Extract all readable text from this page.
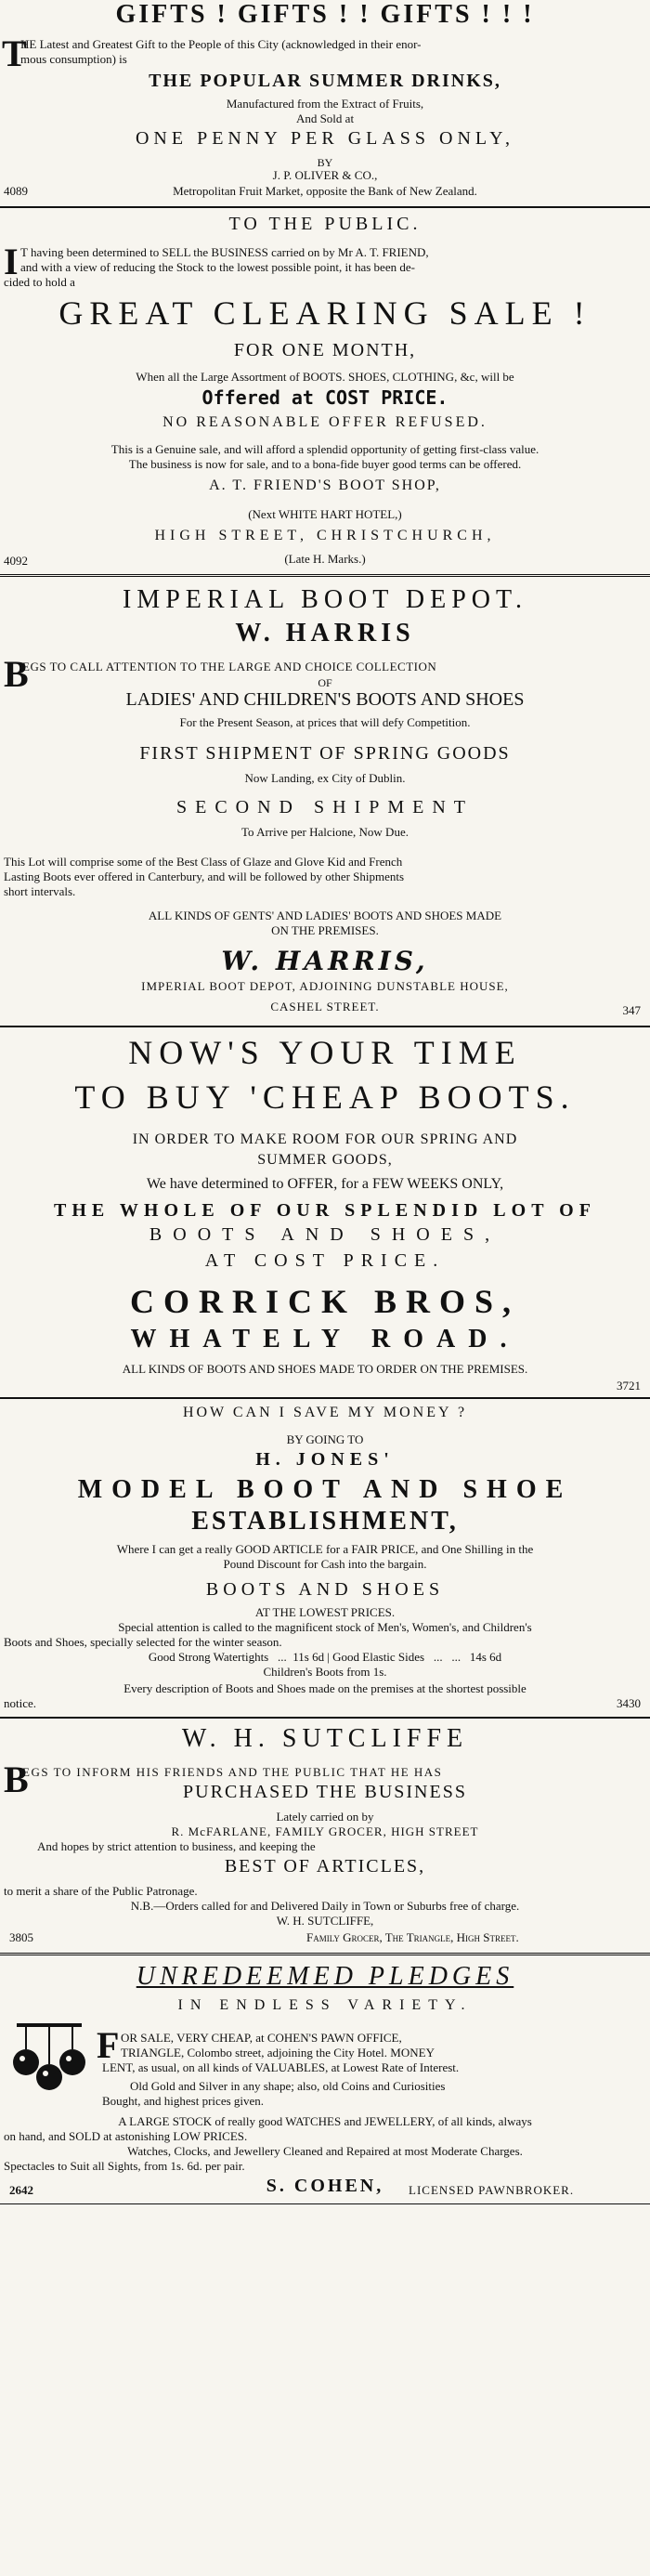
GIFTS ! GIFTS ! ! GIFTS ! ! !
T
HE Latest and Greatest Gift to the People of this City (acknowledged in their enor-
mous consumption) is
THE POPULAR SUMMER DRINKS,
Manufactured from the Extract of Fruits,
And Sold at
ONE PENNY PER GLASS ONLY,
BY
J. P. OLIVER & CO.,
4089	Metropolitan Fruit Market, opposite the Bank of New Zealand.
TO THE PUBLIC.
I T having been determined to SELL the BUSINESS carried on by Mr A. T. FRIEND,
and with a view of reducing the Stock to the lowest possible point, it has been de-
cided to hold a
GREAT CLEARING SALE !
FOR ONE MONTH,
When all the Large Assortment of BOOTS. SHOES, CLOTHING, &c, will be
Offered at COST PRICE.
NO REASONABLE OFFER REFUSED.
This is a Genuine sale, and will afford a splendid opportunity of getting first-class value.
The business is now for sale, and to a bona-fide buyer good terms can be offered.
A. T. FRIEND'S BOOT SHOP,
(Next WHITE HART HOTEL,)
HIGH STREET, CHRISTCHURCH,
4092	(Late H. Marks.)
IMPERIAL BOOT DEPOT.
W. HARRIS
B
EGS TO CALL ATTENTION TO THE LARGE AND CHOICE COLLECTION
OF
LADIES' AND CHILDREN'S BOOTS AND SHOES
For the Present Season, at prices that will defy Competition.
FIRST SHIPMENT OF SPRING GOODS
Now Landing, ex City of Dublin.
SECOND SHIPMENT
To Arrive per Halcione, Now Due.
This Lot will comprise some of the Best Class of Glaze and Glove Kid and French
Lasting Boots ever offered in Canterbury, and will be followed by other Shipments
short intervals.
ALL KINDS OF GENTS' AND LADIES' BOOTS AND SHOES MADE
ON THE PREMISES.
W. HARRIS,
IMPERIAL BOOT DEPOT, ADJOINING DUNSTABLE HOUSE,
CASHEL STREET.	347
NOW'S YOUR TIME
TO BUY 'CHEAP BOOTS.
IN ORDER TO MAKE ROOM FOR OUR SPRING AND
SUMMER GOODS,
We have determined to OFFER, for a FEW WEEKS ONLY,
THE WHOLE OF OUR SPLENDID LOT OF
BOOTS AND SHOES,
AT COST PRICE.
CORRICK BROS,
WHATELY ROAD.
ALL KINDS OF BOOTS AND SHOES MADE TO ORDER ON THE PREMISES.
3721
HOW CAN I SAVE MY MONEY ?
BY GOING TO
H. JONES'
MODEL BOOT AND SHOE
ESTABLISHMENT,
Where I can get a really GOOD ARTICLE for a FAIR PRICE, and One Shilling in the
Pound Discount for Cash into the bargain.
BOOTS AND SHOES
AT THE LOWEST PRICES.
Special attention is called to the magnificent stock of Men's, Women's, and Children's
Boots and Shoes, specially selected for the winter season.
Good Strong Watertights   ...  11s 6d | Good Elastic Sides   ...   ...   14s 6d
Children's Boots from 1s.
Every description of Boots and Shoes made on the premises at the shortest possible
notice.	3430
W. H. SUTCLIFFE
B
EGS TO INFORM HIS FRIENDS AND THE PUBLIC THAT HE HAS
PURCHASED THE BUSINESS
Lately carried on by
R. McFARLANE, FAMILY GROCER, HIGH STREET
And hopes by strict attention to business, and keeping the
BEST OF ARTICLES,
to merit a share of the Public Patronage.
N.B.—Orders called for and Delivered Daily in Town or Suburbs free of charge.
W. H. SUTCLIFFE,
3805	Family Grocer, The Triangle, High Street.
UNREDEEMED PLEDGES
IN ENDLESS VARIETY.
F OR SALE, VERY CHEAP, at COHEN'S PAWN OFFICE,
TRIANGLE, Colombo street, adjoining the City Hotel. MONEY
LENT, as usual, on all kinds of VALUABLES, at Lowest Rate of Interest.
Old Gold and Silver in any shape; also, old Coins and Curiosities
Bought, and highest prices given.
A LARGE STOCK of really good WATCHES and JEWELLERY, of all kinds, always
on hand, and SOLD at astonishing LOW PRICES.
Watches, Clocks, and Jewellery Cleaned and Repaired at most Moderate Charges.
Spectacles to Suit all Sights, from 1s. 6d. per pair.
2642	S. COHEN,	LICENSED PAWNBROKER.
